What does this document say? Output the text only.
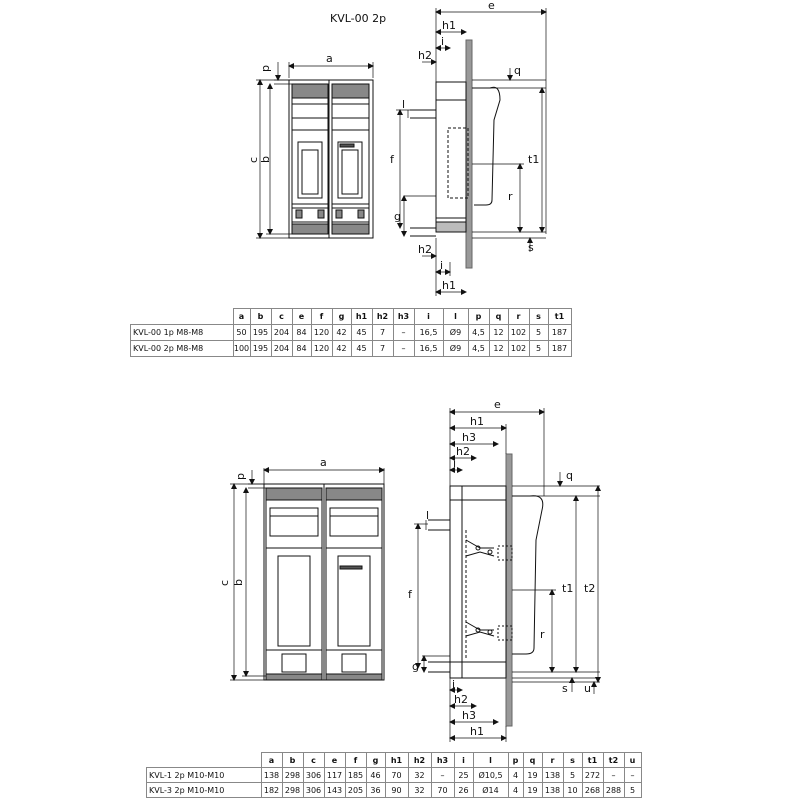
KVL-00 2p
a
p
b
c
e
h1
i
h2
q
l
f
g
r
t1
s
h2
i
h1
a
p
b
c
e
h1
h3
h2
i
q
l
f
g
r
t1 t2
s u
i
h2
h3
h1
	a	b	c	e	f	g	h1	h2	h3	i	l	p	q	r	s	t1
KVL-00 1p M8-M8	50	195	204	84	120	42	45	7	–	16,5	Ø9	4,5	12	102	5	187
KVL-00 2p M8-M8	100	195	204	84	120	42	45	7	–	16,5	Ø9	4,5	12	102	5	187
	a	b	c	e	f	g	h1	h2	h3	i	l	p	q	r	s	t1	t2	u
KVL-1 2p M10-M10	138	298	306	117	185	46	70	32	–	25	Ø10,5	4	19	138	5	272	–	–
KVL-3 2p M10-M10	182	298	306	143	205	36	90	32	70	26	Ø14	4	19	138	10	268	288	5
